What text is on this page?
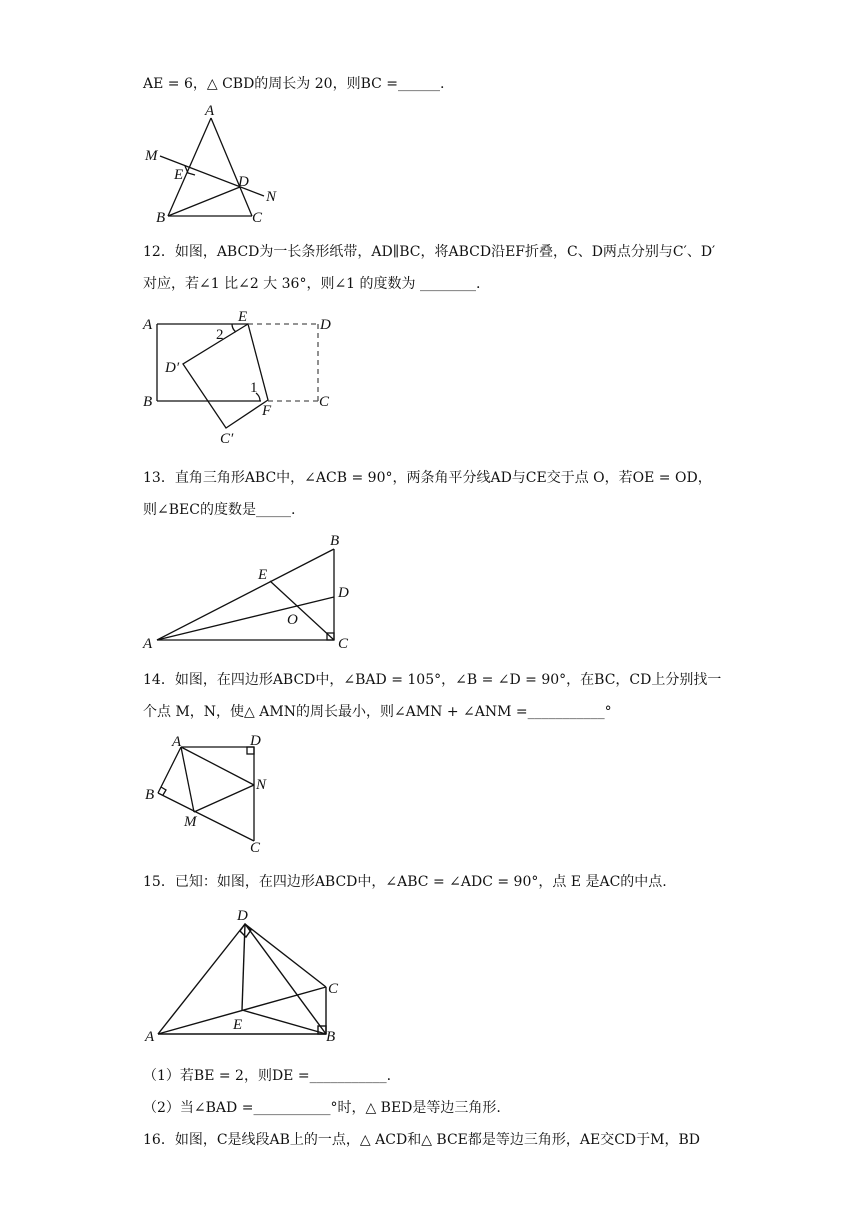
AE = 6，△ CBD的周长为 20，则BC =______.
A
M
E	D
N
B	C
12．如图，ABCD为一长条形纸带，AD∥BC，将ABCD沿EF折叠，C、D两点分别与C′、D′
对应，若∠1 比∠2 大 36°，则∠1 的度数为 ________.
A	E	D
2
D′
1
B
F
C
C′
13．直角三角形ABC中，∠ACB = 90°，两条角平分线AD与CE交于点 O，若OE = OD，
则∠BEC的度数是_____.
B
E
D
O
A	C
14．如图，在四边形ABCD中，∠BAD = 105°，∠B = ∠D = 90°，在BC，CD上分别找一
个点 M，N，使△ AMN的周长最小，则∠AMN + ∠ANM =___________°
A	D
N
B
M
C
15．已知：如图，在四边形ABCD中，∠ABC = ∠ADC = 90°，点 E 是AC的中点.
D
C
E
A	B
（1）若BE = 2，则DE =___________.
（2）当∠BAD =___________°时，△ BED是等边三角形.
16．如图，C是线段AB上的一点，△ ACD和△ BCE都是等边三角形，AE交CD于M，BD
